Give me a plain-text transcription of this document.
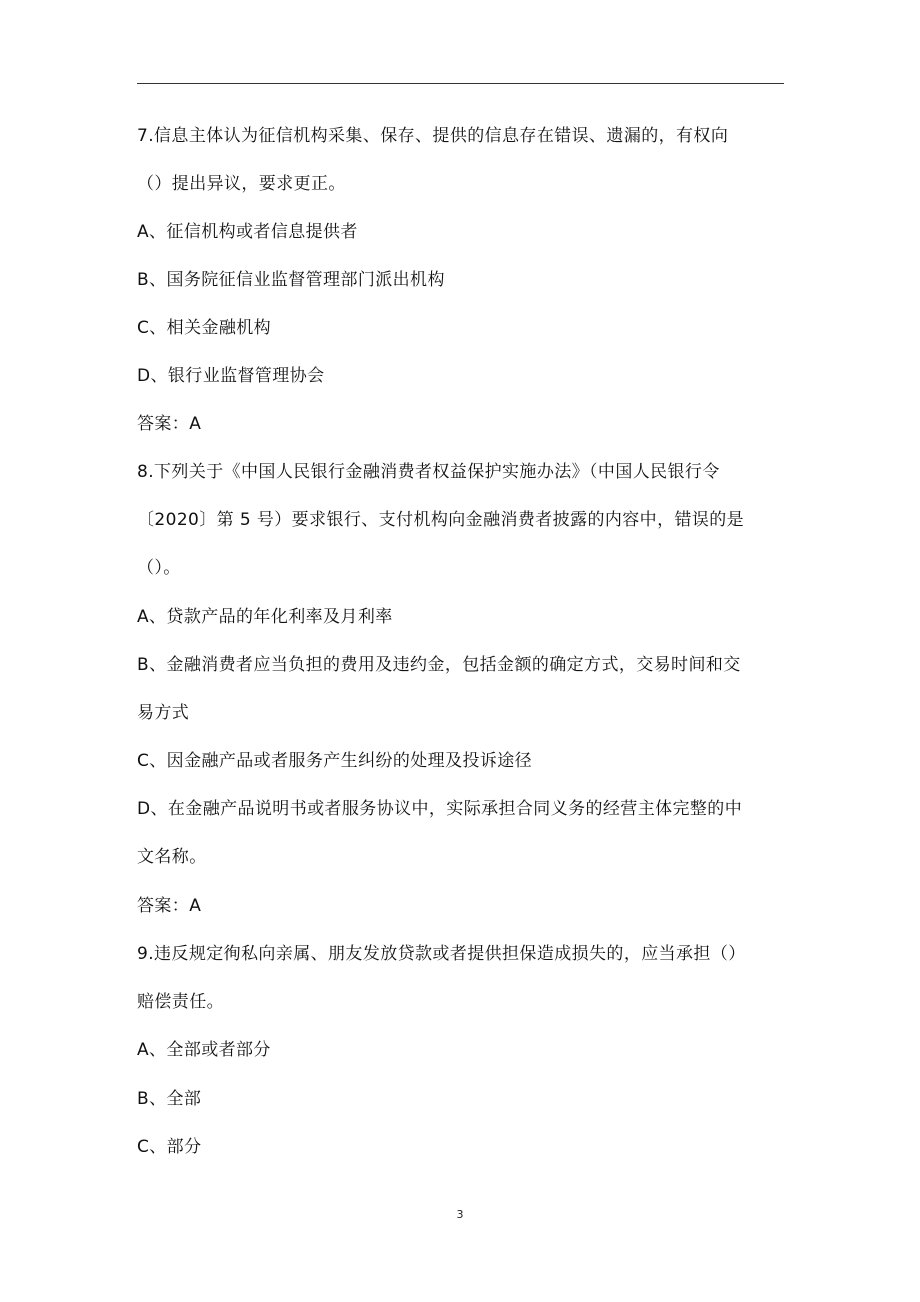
7.信息主体认为征信机构采集、保存、提供的信息存在错误、遗漏的，有权向
（）提出异议，要求更正。
A、征信机构或者信息提供者
B、国务院征信业监督管理部门派出机构
C、相关金融机构
D、银行业监督管理协会
答案：A
8.下列关于《中国人民银行金融消费者权益保护实施办法》（中国人民银行令
〔2020〕第 5 号）要求银行、支付机构向金融消费者披露的内容中，错误的是
（）。
A、贷款产品的年化利率及月利率
B、金融消费者应当负担的费用及违约金，包括金额的确定方式，交易时间和交
易方式
C、因金融产品或者服务产生纠纷的处理及投诉途径
D、在金融产品说明书或者服务协议中，实际承担合同义务的经营主体完整的中
文名称。
答案：A
9.违反规定徇私向亲属、朋友发放贷款或者提供担保造成损失的，应当承担（）
赔偿责任。
A、全部或者部分
B、全部
C、部分
3
